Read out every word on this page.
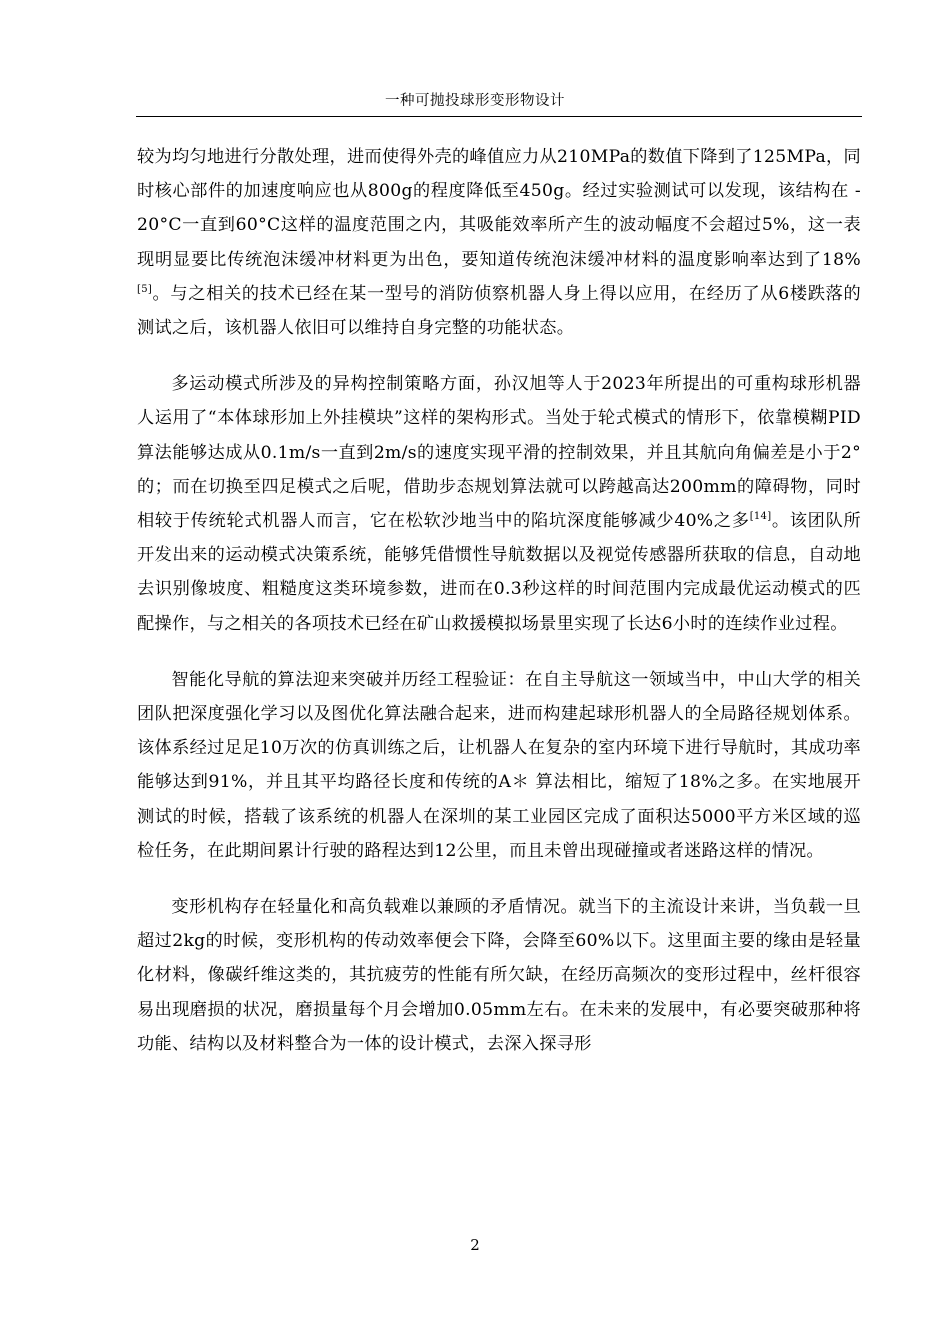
一种可抛投球形变形物设计

较为均匀地进行分散处理，进而使得外壳的峰值应力从210MPa的数值下降到了125MPa，同时核心部件的加速度响应也从800g的程度降低至450g。经过实验测试可以发现，该结构在 - 20°C一直到60°C这样的温度范围之内，其吸能效率所产生的波动幅度不会超过5%，这一表现明显要比传统泡沫缓冲材料更为出色，要知道传统泡沫缓冲材料的温度影响率达到了18%[5]。与之相关的技术已经在某一型号的消防侦察机器人身上得以应用，在经历了从6楼跌落的测试之后，该机器人依旧可以维持自身完整的功能状态。

多运动模式所涉及的异构控制策略方面，孙汉旭等人于2023年所提出的可重构球形机器人运用了“本体球形加上外挂模块”这样的架构形式。当处于轮式模式的情形下，依靠模糊PID算法能够达成从0.1m/s一直到2m/s的速度实现平滑的控制效果，并且其航向角偏差是小于2°的；而在切换至四足模式之后呢，借助步态规划算法就可以跨越高达200mm的障碍物，同时相较于传统轮式机器人而言，它在松软沙地当中的陷坑深度能够减少40%之多[14]。该团队所开发出来的运动模式决策系统，能够凭借惯性导航数据以及视觉传感器所获取的信息，自动地去识别像坡度、粗糙度这类环境参数，进而在0.3秒这样的时间范围内完成最优运动模式的匹配操作，与之相关的各项技术已经在矿山救援模拟场景里实现了长达6小时的连续作业过程。

智能化导航的算法迎来突破并历经工程验证：在自主导航这一领域当中，中山大学的相关团队把深度强化学习以及图优化算法融合起来，进而构建起球形机器人的全局路径规划体系。该体系经过足足10万次的仿真训练之后，让机器人在复杂的室内环境下进行导航时，其成功率能够达到91%，并且其平均路径长度和传统的A＊ 算法相比，缩短了18%之多。在实地展开测试的时候，搭载了该系统的机器人在深圳的某工业园区完成了面积达5000平方米区域的巡检任务，在此期间累计行驶的路程达到12公里，而且未曾出现碰撞或者迷路这样的情况。

变形机构存在轻量化和高负载难以兼顾的矛盾情况。就当下的主流设计来讲，当负载一旦超过2kg的时候，变形机构的传动效率便会下降，会降至60%以下。这里面主要的缘由是轻量化材料，像碳纤维这类的，其抗疲劳的性能有所欠缺，在经历高频次的变形过程中，丝杆很容易出现磨损的状况，磨损量每个月会增加0.05mm左右。在未来的发展中，有必要突破那种将功能、结构以及材料整合为一体的设计模式，去深入探寻形

2
